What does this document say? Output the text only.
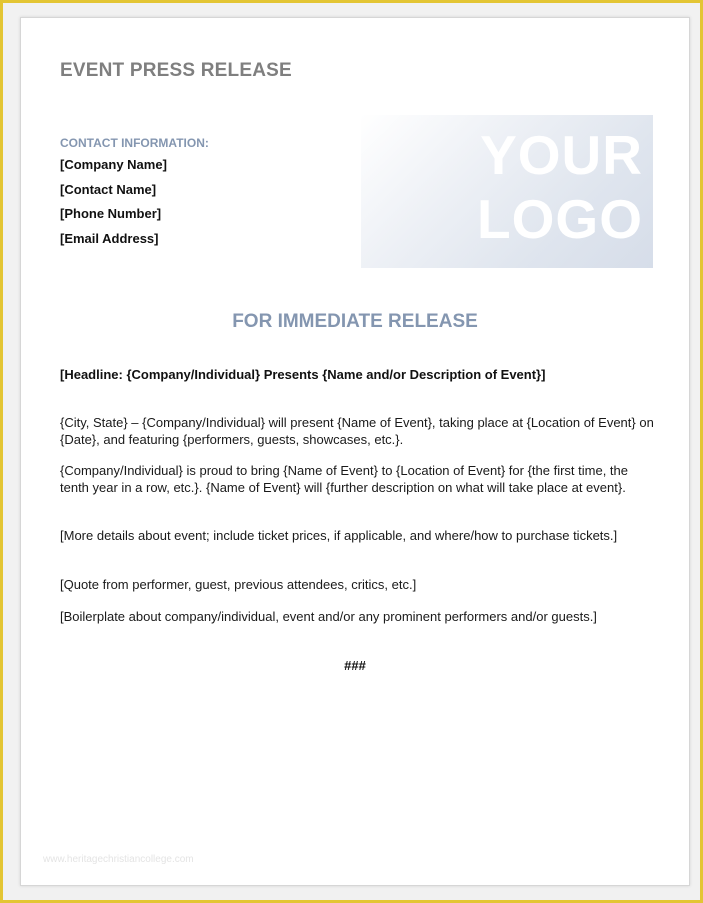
EVENT PRESS RELEASE
CONTACT INFORMATION:
[Company Name]
[Contact Name]
[Phone Number]
[Email Address]

YOUR
LOGO

FOR IMMEDIATE RELEASE

[Headline: {Company/Individual} Presents {Name and/or Description of Event}]

{City, State} – {Company/Individual} will present {Name of Event}, taking place at {Location of Event} on {Date}, and featuring {performers, guests, showcases, etc.}.

{Company/Individual} is proud to bring {Name of Event} to {Location of Event} for {the first time, the tenth year in a row, etc.}. {Name of Event} will {further description on what will take place at event}.

[More details about event; include ticket prices, if applicable, and where/how to purchase tickets.]

[Quote from performer, guest, previous attendees, critics, etc.]

[Boilerplate about company/individual, event and/or any prominent performers and/or guests.]

###

www.heritagechristiancollege.com
